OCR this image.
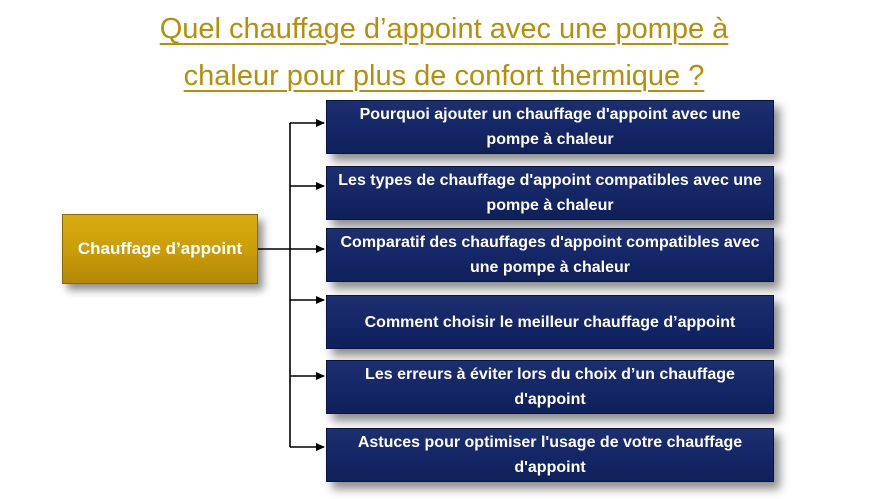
Quel chauffage d’appoint avec une pompe à
chaleur pour plus de confort thermique ?
Chauffage d’appoint
Pourquoi ajouter un chauffage d'appoint avec une pompe à chaleur
Les types de chauffage d'appoint compatibles avec une pompe à chaleur
Comparatif des chauffages d'appoint compatibles avec une pompe à chaleur
Comment choisir le meilleur chauffage d’appoint
Les erreurs à éviter lors du choix d’un chauffage d'appoint
Astuces pour optimiser l'usage de votre chauffage d'appoint
